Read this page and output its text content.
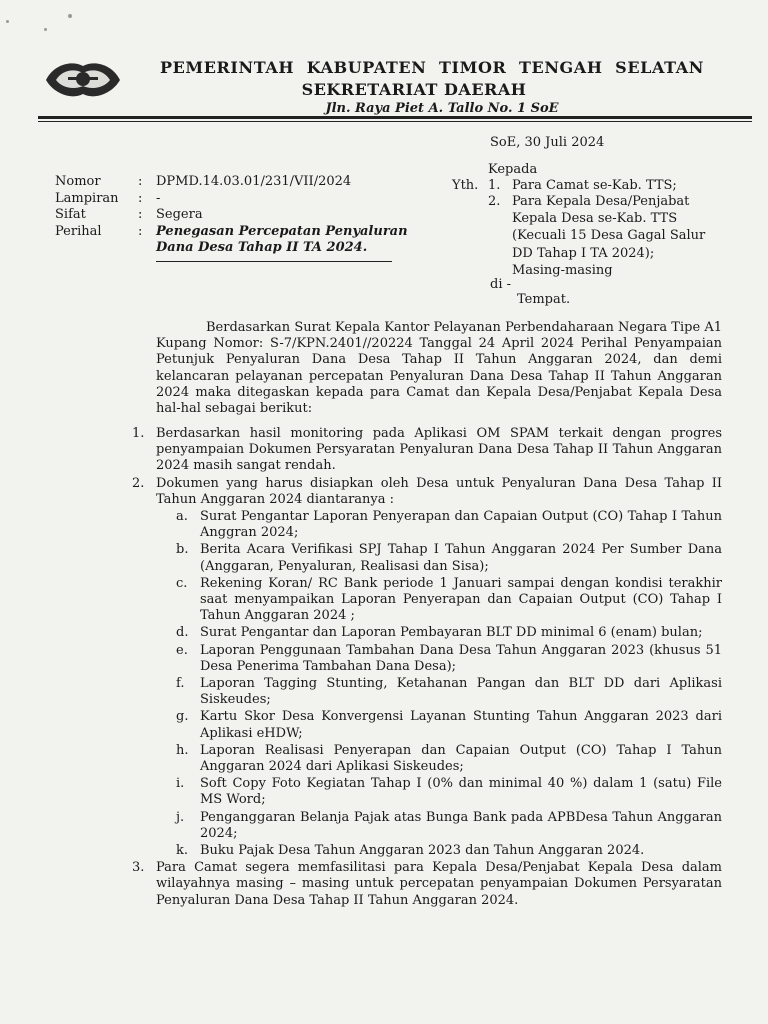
PEMERINTAH KABUPATEN TIMOR TENGAH SELATAN
SEKRETARIAT DAERAH
Jln. Raya Piet A. Tallo No. 1 SoE
SoE, 30 Juli 2024
Kepada
Yth. 1. Para Camat se-Kab. TTS;
2. Para Kepala Desa/Penjabat
Kepala Desa se-Kab. TTS
(Kecuali 15 Desa Gagal Salur
DD Tahap I TA 2024);
Masing-masing
di -
Tempat.
Nomor	:	DPMD.14.03.01/231/VII/2024
Lampiran	:	-
Sifat	:	Segera
Perihal	:	Penegasan Percepatan Penyaluran
Dana Desa Tahap II TA 2024.
Berdasarkan Surat Kepala Kantor Pelayanan Perbendaharaan Negara Tipe A1 Kupang Nomor: S-7/KPN.2401//20224 Tanggal 24 April 2024 Perihal Penyampaian Petunjuk Penyaluran Dana Desa Tahap II Tahun Anggaran 2024, dan demi kelancaran pelayanan percepatan Penyaluran Dana Desa Tahap II Tahun Anggaran 2024 maka ditegaskan kepada para Camat dan Kepala Desa/Penjabat Kepala Desa hal-hal sebagai berikut:
1. Berdasarkan hasil monitoring pada Aplikasi OM SPAM terkait dengan progres penyampaian Dokumen Persyaratan Penyaluran Dana Desa Tahap II Tahun Anggaran 2024 masih sangat rendah.
2. Dokumen yang harus disiapkan oleh Desa untuk Penyaluran Dana Desa Tahap II Tahun Anggaran 2024 diantaranya :
a. Surat Pengantar Laporan Penyerapan dan Capaian Output (CO) Tahap I Tahun Anggran 2024;
b. Berita Acara Verifikasi SPJ Tahap I Tahun Anggaran 2024 Per Sumber Dana (Anggaran, Penyaluran, Realisasi dan Sisa);
c. Rekening Koran/ RC Bank periode 1 Januari sampai dengan kondisi terakhir saat menyampaikan Laporan Penyerapan dan Capaian Output (CO) Tahap I Tahun Anggaran 2024 ;
d. Surat Pengantar dan Laporan Pembayaran BLT DD minimal 6 (enam) bulan;
e. Laporan Penggunaan Tambahan Dana Desa Tahun Anggaran 2023 (khusus 51 Desa Penerima Tambahan Dana Desa);
f.	Laporan Tagging Stunting, Ketahanan Pangan dan BLT DD dari Aplikasi Siskeudes;
g. Kartu Skor Desa Konvergensi Layanan Stunting Tahun Anggaran 2023 dari Aplikasi eHDW;
h. Laporan Realisasi Penyerapan dan Capaian Output (CO) Tahap I Tahun Anggaran 2024 dari Aplikasi Siskeudes;
i.	Soft Copy Foto Kegiatan Tahap I (0% dan minimal 40 %) dalam 1 (satu) File MS Word;
j.	Penganggaran Belanja Pajak atas Bunga Bank pada APBDesa Tahun Anggaran 2024;
k. Buku Pajak Desa Tahun Anggaran 2023 dan Tahun Anggaran 2024.
3. Para Camat segera memfasilitasi para Kepala Desa/Penjabat Kepala Desa dalam wilayahnya masing – masing untuk percepatan penyampaian Dokumen Persyaratan Penyaluran Dana Desa Tahap II Tahun Anggaran 2024.
